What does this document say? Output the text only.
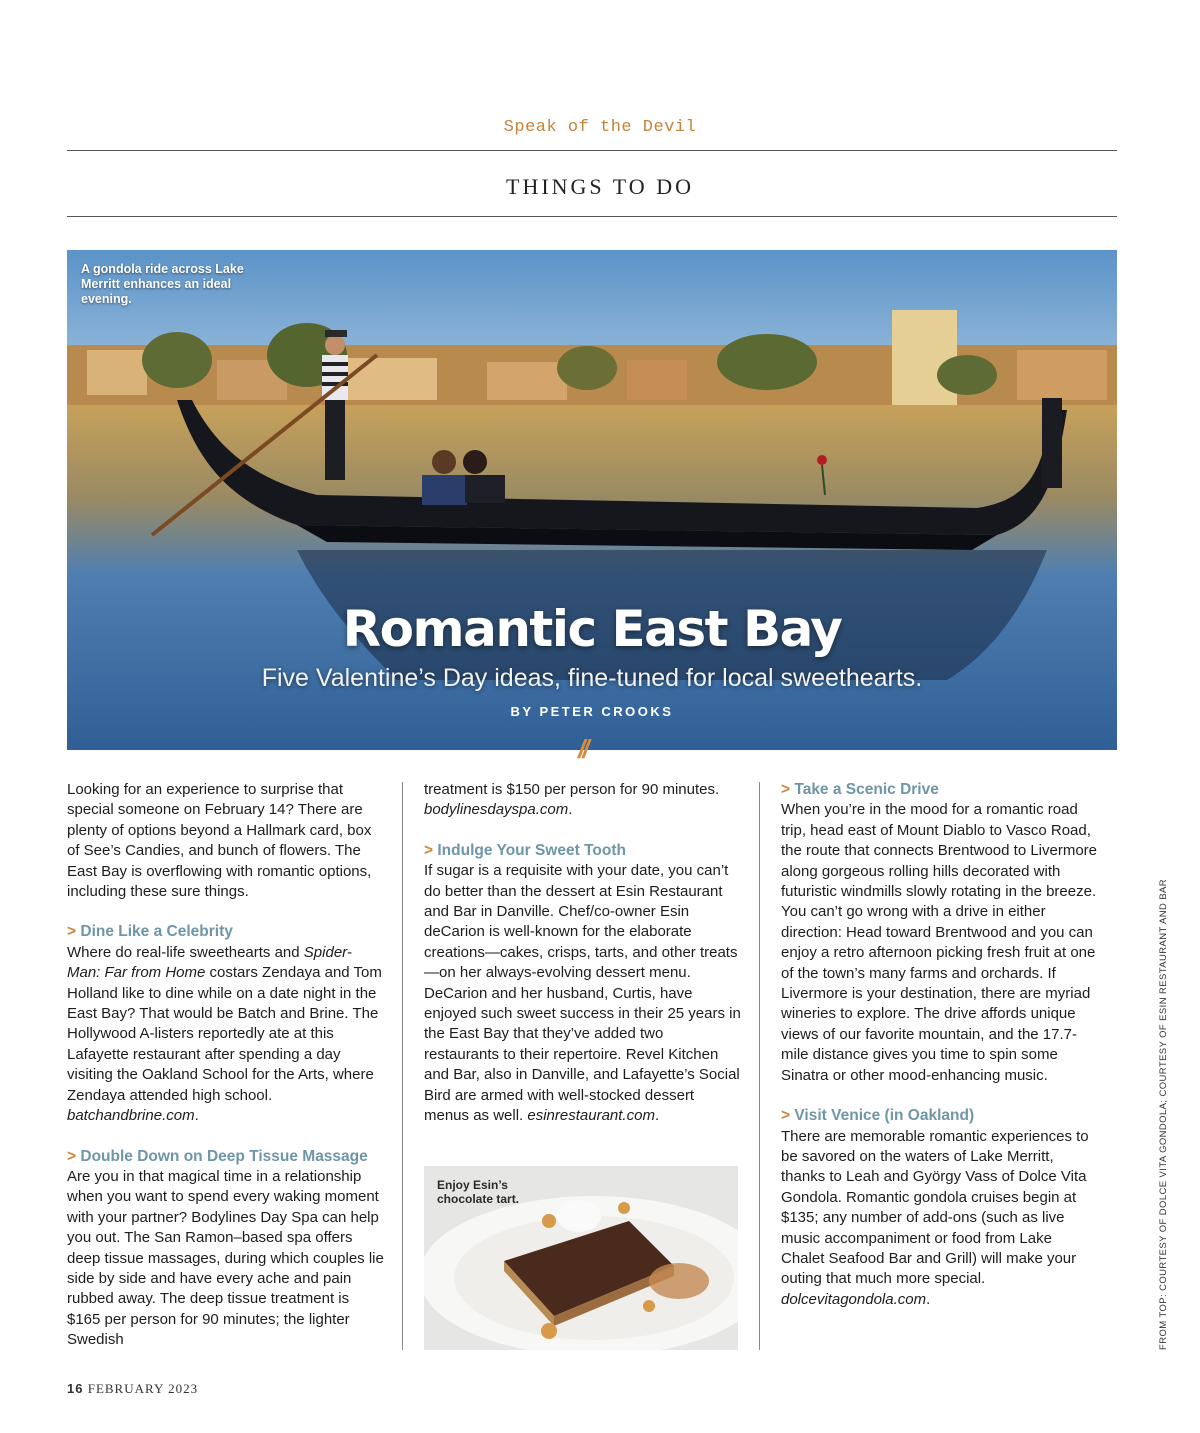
Speak of the Devil
THINGS TO DO
A gondola ride across Lake Merritt enhances an ideal evening.
Romantic East Bay
Five Valentine’s Day ideas, fine-tuned for local sweethearts.
BY PETER CROOKS
//

Looking for an experience to surprise that special someone on February 14? There are plenty of options beyond a Hallmark card, box of See’s Candies, and bunch of flowers. The East Bay is overflowing with romantic options, including these sure things.

> Dine Like a Celebrity

Where do real-life sweethearts and Spider-Man: Far from Home costars Zendaya and Tom Holland like to dine while on a date night in the East Bay? That would be Batch and Brine. The Hollywood A-listers reportedly ate at this Lafayette restaurant after spending a day visiting the Oakland School for the Arts, where Zendaya attended high school. batchandbrine.com.

> Double Down on Deep Tissue Massage

Are you in that magical time in a relationship when you want to spend every waking moment with your partner? Bodylines Day Spa can help you out. The San Ramon–based spa offers deep tissue massages, during which couples lie side by side and have every ache and pain rubbed away. The deep tissue treatment is $165 per person for 90 minutes; the lighter Swedish

treatment is $150 per person for 90 minutes. bodylinesdayspa.com.

> Indulge Your Sweet Tooth

If sugar is a requisite with your date, you can’t do better than the dessert at Esin Restaurant and Bar in Danville. Chef/co-owner Esin deCarion is well-known for the elaborate creations—cakes, crisps, tarts, and other treats—on her always-evolving dessert menu. DeCarion and her husband, Curtis, have enjoyed such sweet success in their 25 years in the East Bay that they’ve added two restaurants to their repertoire. Revel Kitchen and Bar, also in Danville, and Lafayette’s Social Bird are armed with well-stocked dessert menus as well. esinrestaurant.com.

Enjoy Esin’s chocolate tart.
> Take a Scenic Drive

When you’re in the mood for a romantic road trip, head east of Mount Diablo to Vasco Road, the route that connects Brentwood to Livermore along gorgeous rolling hills decorated with futuristic windmills slowly rotating in the breeze. You can’t go wrong with a drive in either direction: Head toward Brentwood and you can enjoy a retro afternoon picking fresh fruit at one of the town’s many farms and orchards. If Livermore is your destination, there are myriad wineries to explore. The drive affords unique views of our favorite mountain, and the 17.7-mile distance gives you time to spin some Sinatra or other mood-enhancing music.

> Visit Venice (in Oakland)

There are memorable romantic experiences to be savored on the waters of Lake Merritt, thanks to Leah and György Vass of Dolce Vita Gondola. Romantic gondola cruises begin at $135; any number of add-ons (such as live music accompaniment or food from Lake Chalet Seafood Bar and Grill) will make your outing that much more special. dolcevitagondola.com.	FROM TOP: COURTESY OF DOLCE VITA GONDOLA; COURTESY OF ESIN RESTAURANT AND BAR
16 FEBRUARY 2023
